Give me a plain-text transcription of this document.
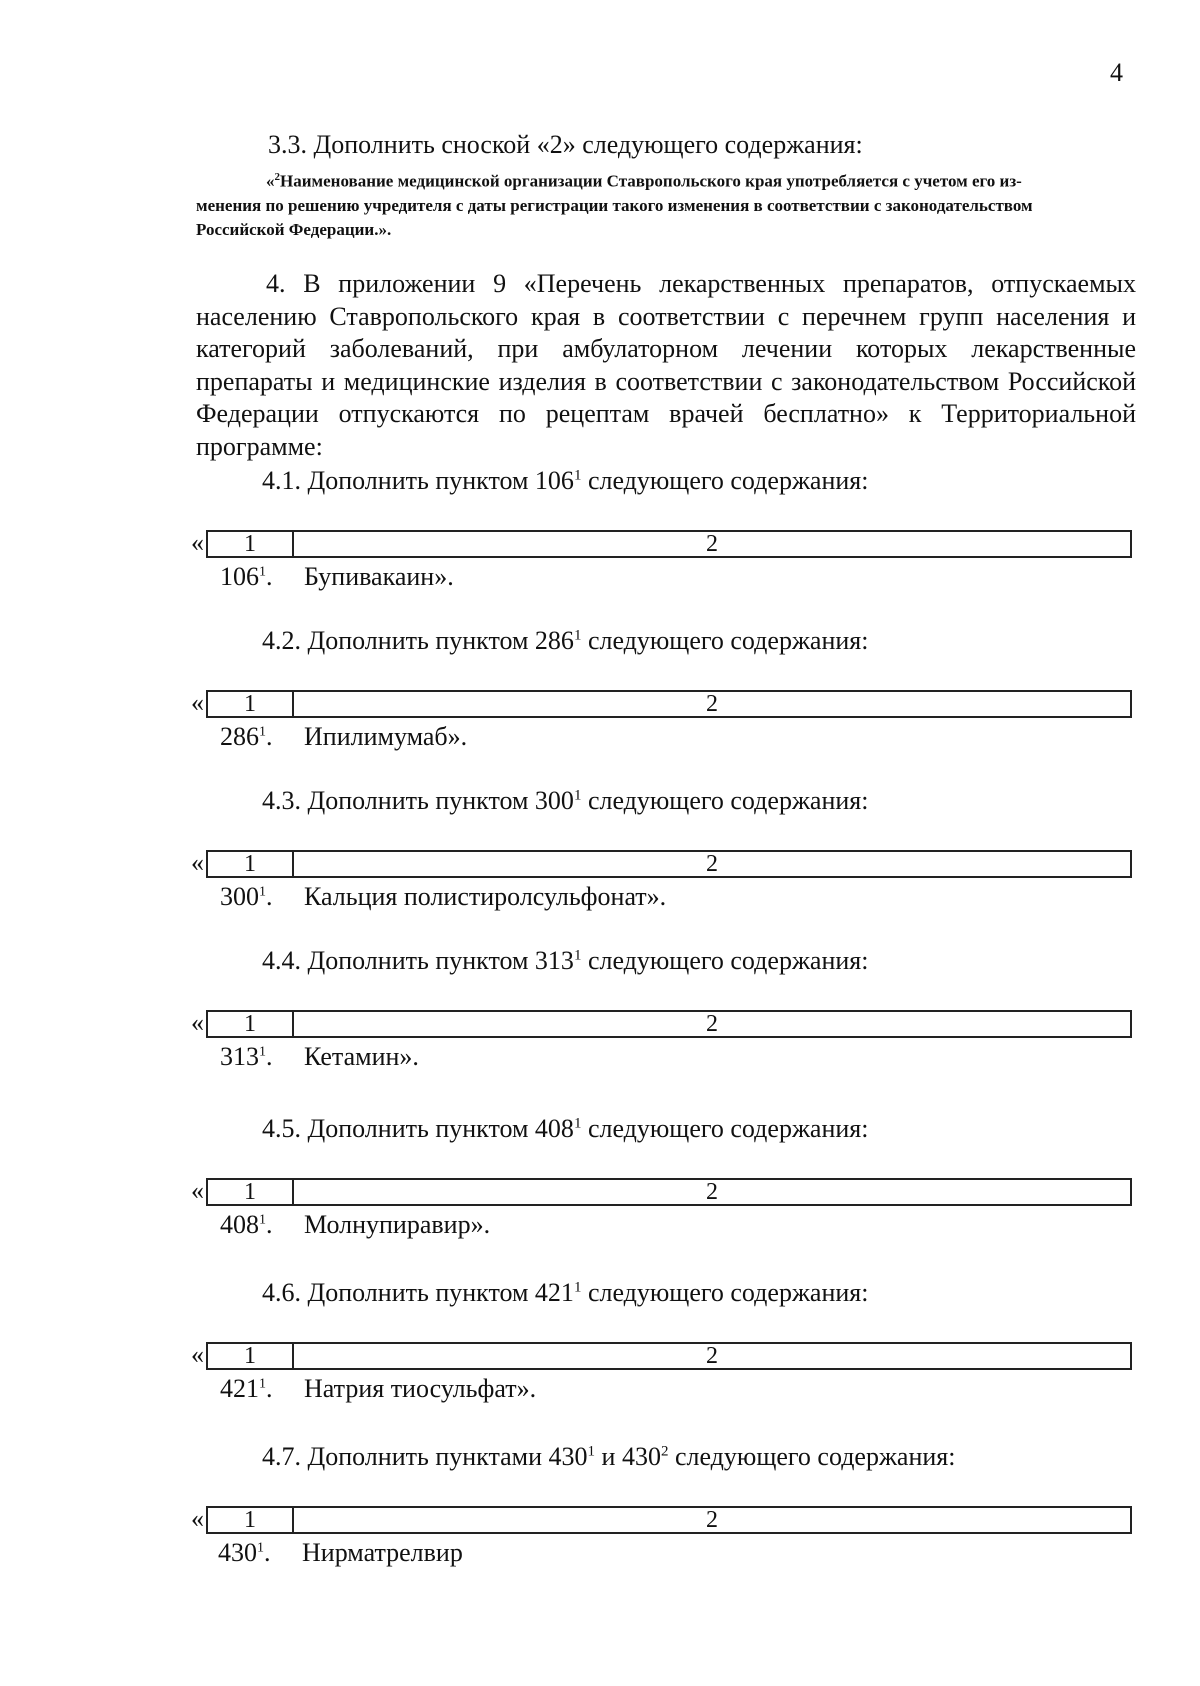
4
3.3. Дополнить сноской «2» следующего содержания:

«$^2$Наименование медицинской организации Ставропольского края употребляется с учетом его из-

менения по решению учредителя с даты регистрации такого изменения в соответствии с законодательством

Российской Федерации.».

4. В приложении 9 «Перечень лекарственных препаратов, отпускаемых населению Ставропольского края в соответствии с перечнем групп населения и категорий заболеваний, при амбулаторном лечении которых лекарственные препараты и медицинские изделия в соответствии с законодательством Российской Федерации отпускаются по рецептам врачей бесплатно» к Территориальной программе:

4.1. Дополнить пунктом $106^1$ следующего содержания:
«	1	2
$106^1$. Бупивакаин».
4.2. Дополнить пунктом $286^1$ следующего содержания:
«	1	2
$286^1$. Ипилимумаб».
4.3. Дополнить пунктом $300^1$ следующего содержания:
«	1	2
$300^1$. Кальция полистиролсульфонат».
4.4. Дополнить пунктом $313^1$ следующего содержания:
«	1	2
$313^1$. Кетамин».
4.5. Дополнить пунктом $408^1$ следующего содержания:
«	1	2
$408^1$. Молнупиравир».
4.6. Дополнить пунктом $421^1$ следующего содержания:
«	1	2
$421^1$. Натрия тиосульфат».
4.7. Дополнить пунктами $430^1$ и $430^2$ следующего содержания:
«	1	2
$430^1$. Нирматрелвир
